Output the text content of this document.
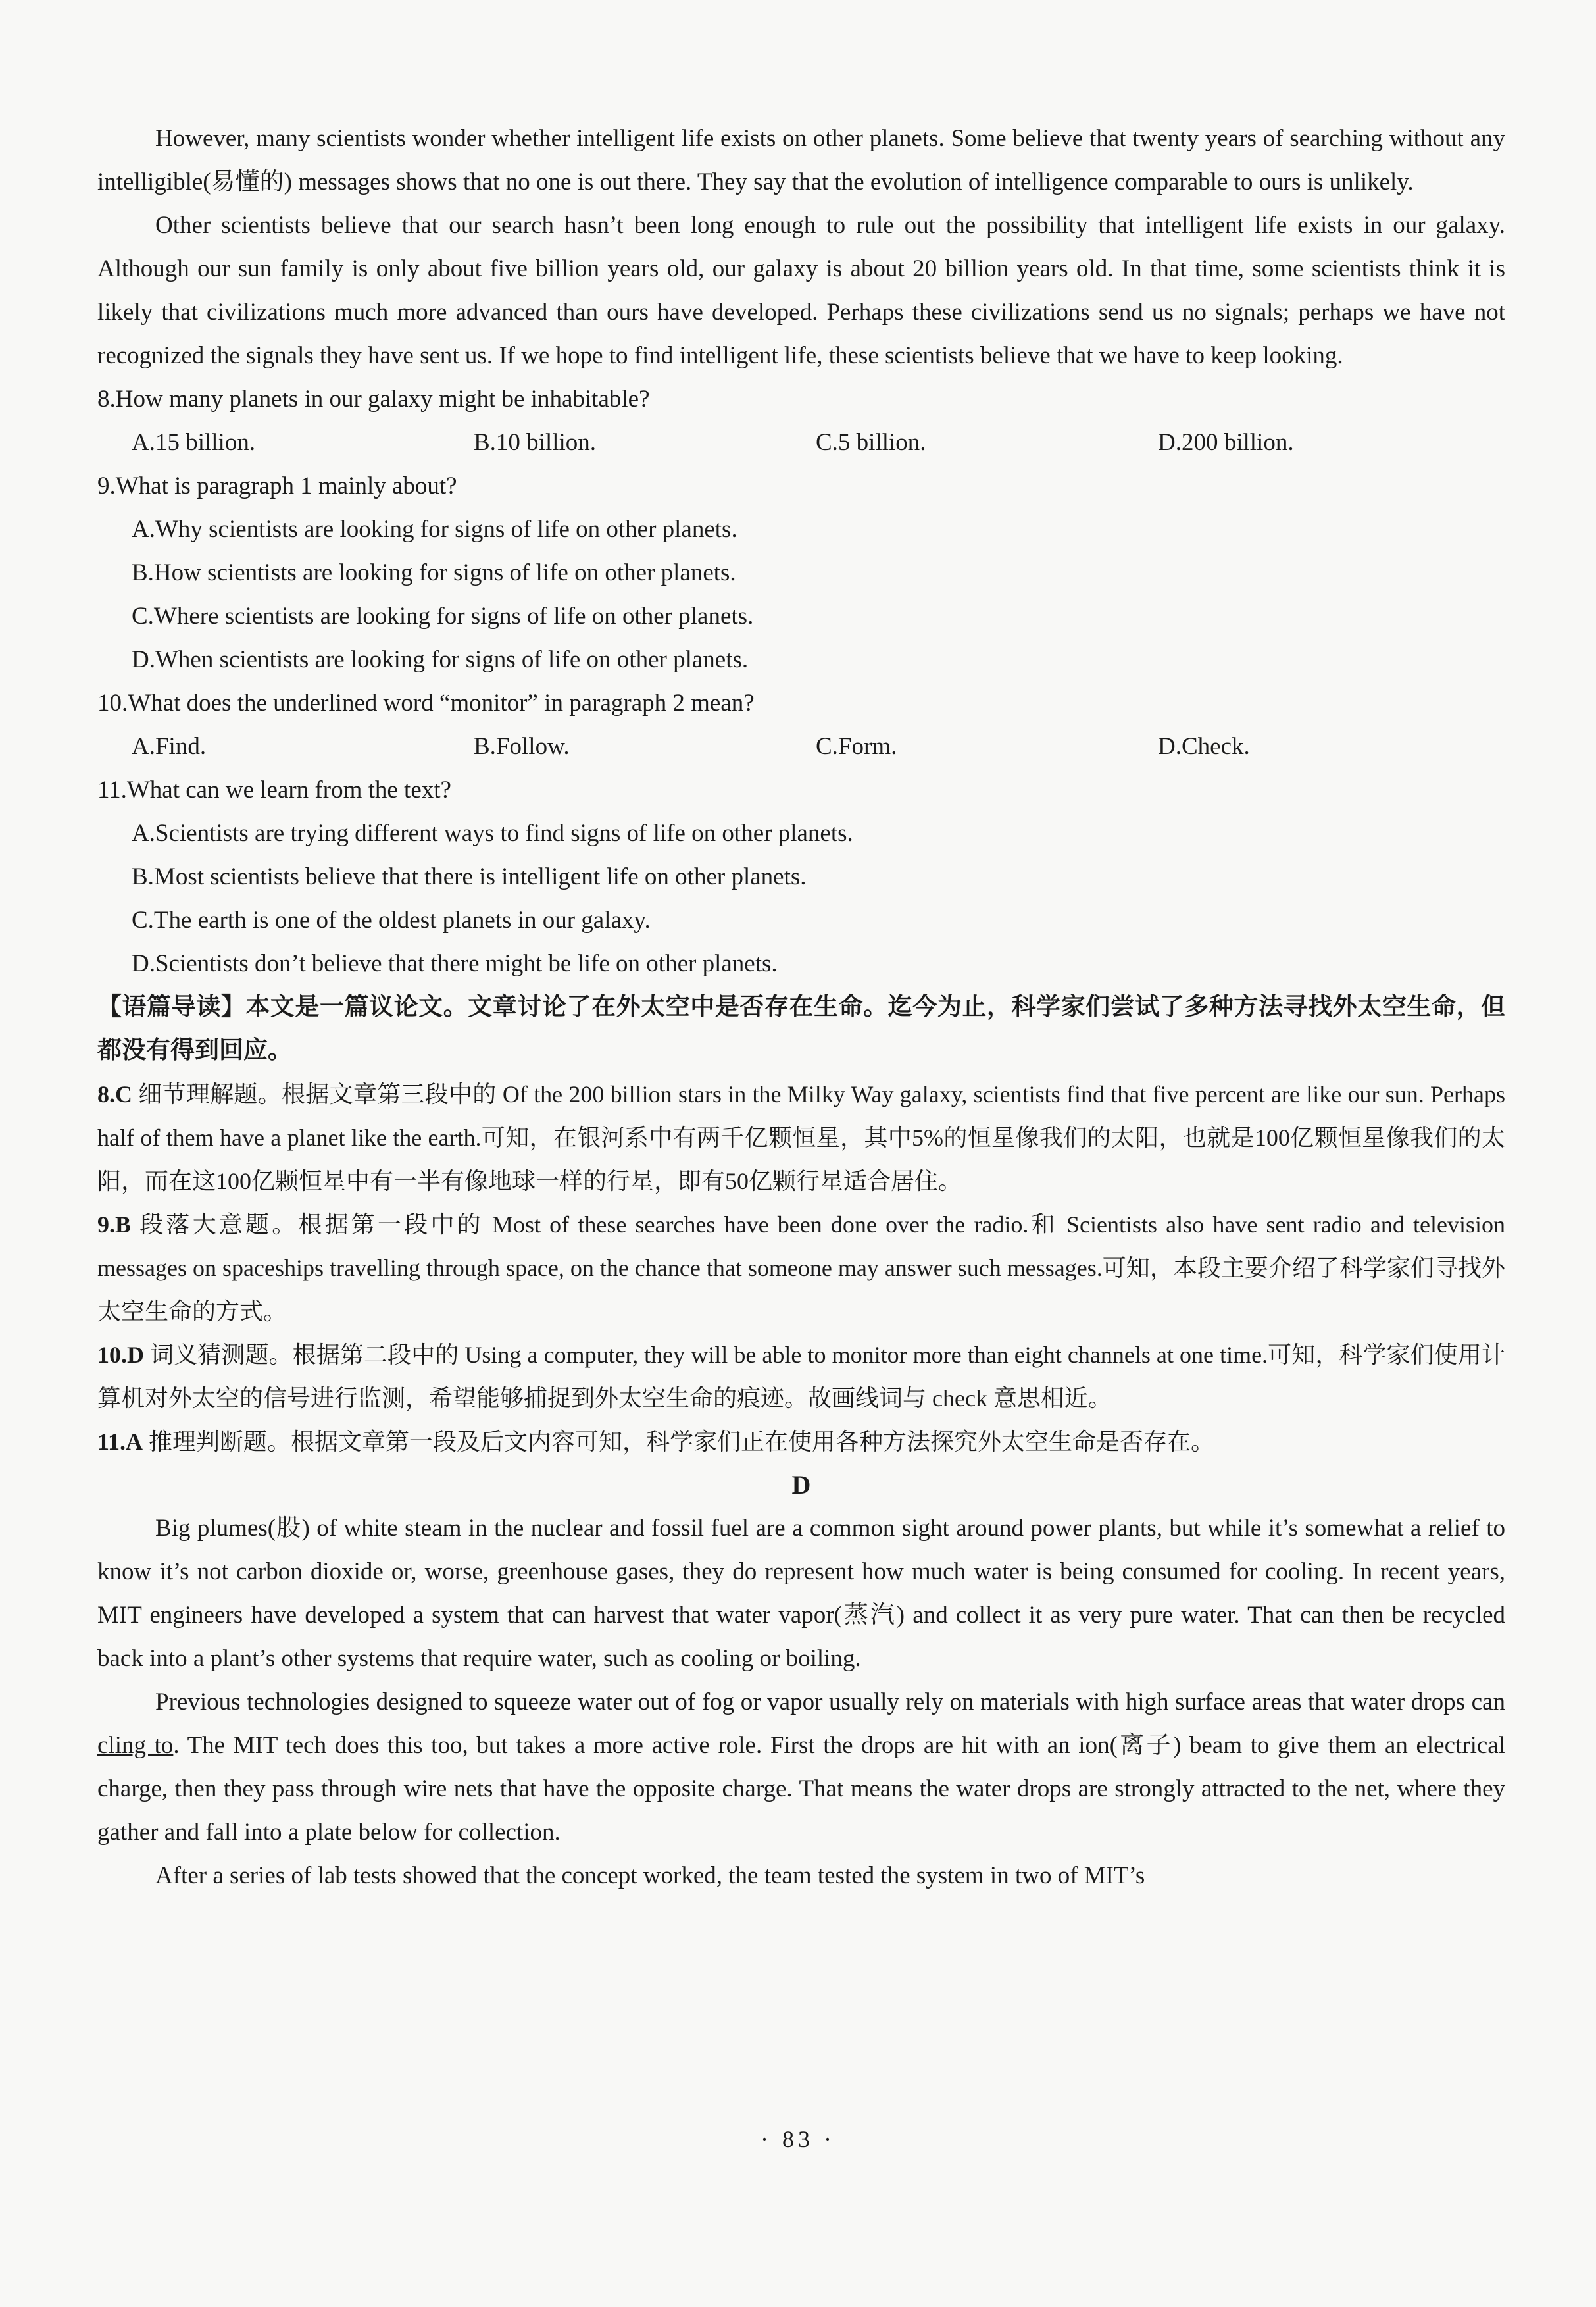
However, many scientists wonder whether intelligent life exists on other planets. Some believe that twenty years of searching without any intelligible(易懂的) messages shows that no one is out there. They say that the evolution of intelligence comparable to ours is unlikely.

Other scientists believe that our search hasn’t been long enough to rule out the possibility that intelligent life exists in our galaxy. Although our sun family is only about five billion years old, our galaxy is about 20 billion years old. In that time, some scientists think it is likely that civilizations much more advanced than ours have developed. Perhaps these civilizations send us no signals; perhaps we have not recognized the signals they have sent us. If we hope to find intelligent life, these scientists believe that we have to keep looking.

8.How many planets in our galaxy might be inhabitable?

A.15 billion.	B.10 billion.	C.5 billion.	D.200 billion.

9.What is paragraph 1 mainly about?

A.Why scientists are looking for signs of life on other planets.

B.How scientists are looking for signs of life on other planets.

C.Where scientists are looking for signs of life on other planets.

D.When scientists are looking for signs of life on other planets.

10.What does the underlined word “monitor” in paragraph 2 mean?

A.Find.	B.Follow.	C.Form.	D.Check.

11.What can we learn from the text?

A.Scientists are trying different ways to find signs of life on other planets.

B.Most scientists believe that there is intelligent life on other planets.

C.The earth is one of the oldest planets in our galaxy.

D.Scientists don’t believe that there might be life on other planets.

【语篇导读】本文是一篇议论文。文章讨论了在外太空中是否存在生命。迄今为止，科学家们尝试了多种方法寻找外太空生命，但都没有得到回应。

8.C 细节理解题。根据文章第三段中的 Of the 200 billion stars in the Milky Way galaxy, scientists find that five percent are like our sun. Perhaps half of them have a planet like the earth.可知，在银河系中有两千亿颗恒星，其中5%的恒星像我们的太阳，也就是100亿颗恒星像我们的太阳，而在这100亿颗恒星中有一半有像地球一样的行星，即有50亿颗行星适合居住。

9.B 段落大意题。根据第一段中的 Most of these searches have been done over the radio.和 Scientists also have sent radio and television messages on spaceships travelling through space, on the chance that someone may answer such messages.可知，本段主要介绍了科学家们寻找外太空生命的方式。

10.D 词义猜测题。根据第二段中的 Using a computer, they will be able to monitor more than eight channels at one time.可知，科学家们使用计算机对外太空的信号进行监测，希望能够捕捉到外太空生命的痕迹。故画线词与 check 意思相近。

11.A 推理判断题。根据文章第一段及后文内容可知，科学家们正在使用各种方法探究外太空生命是否存在。

D

Big plumes(股) of white steam in the nuclear and fossil fuel are a common sight around power plants, but while it’s somewhat a relief to know it’s not carbon dioxide or, worse, greenhouse gases, they do represent how much water is being consumed for cooling. In recent years, MIT engineers have developed a system that can harvest that water vapor(蒸汽) and collect it as very pure water. That can then be recycled back into a plant’s other systems that require water, such as cooling or boiling.

Previous technologies designed to squeeze water out of fog or vapor usually rely on materials with high surface areas that water drops can cling to. The MIT tech does this too, but takes a more active role. First the drops are hit with an ion(离子) beam to give them an electrical charge, then they pass through wire nets that have the opposite charge. That means the water drops are strongly attracted to the net, where they gather and fall into a plate below for collection.

After a series of lab tests showed that the concept worked, the team tested the system in two of MIT’s

· 83 ·
